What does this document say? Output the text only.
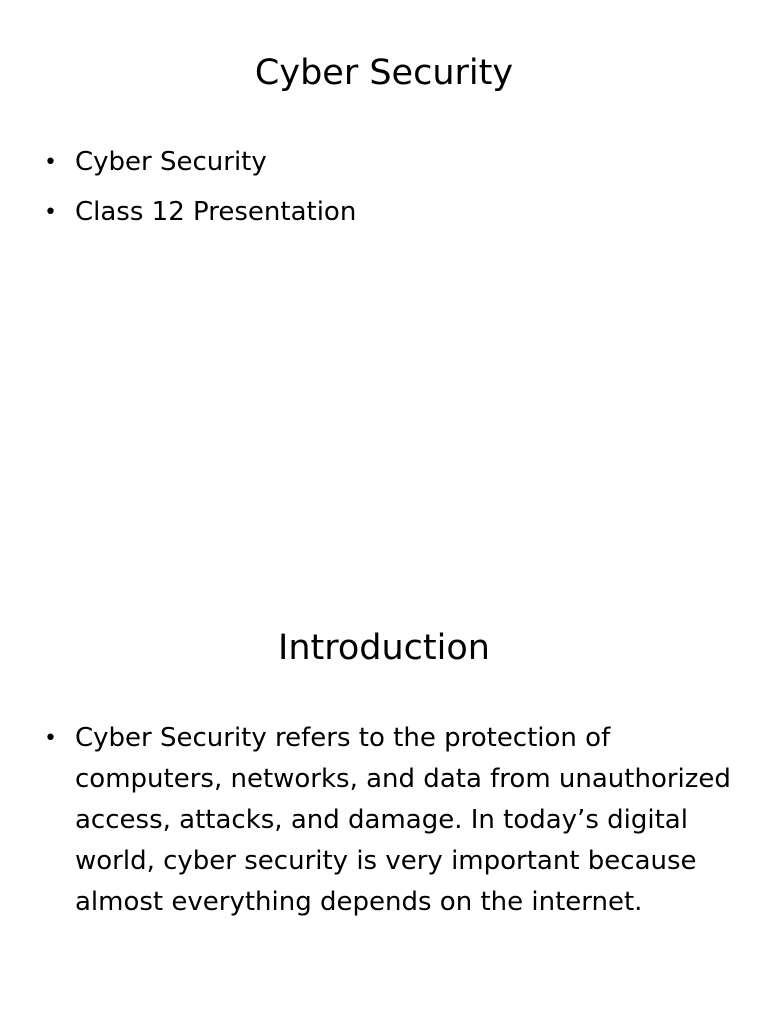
Cyber Security
• Cyber Security
• Class 12 Presentation
Introduction
• Cyber Security refers to the protection of computers, networks, and data from unauthorized access, attacks, and damage. In today’s digital world, cyber security is very important because almost everything depends on the internet.
